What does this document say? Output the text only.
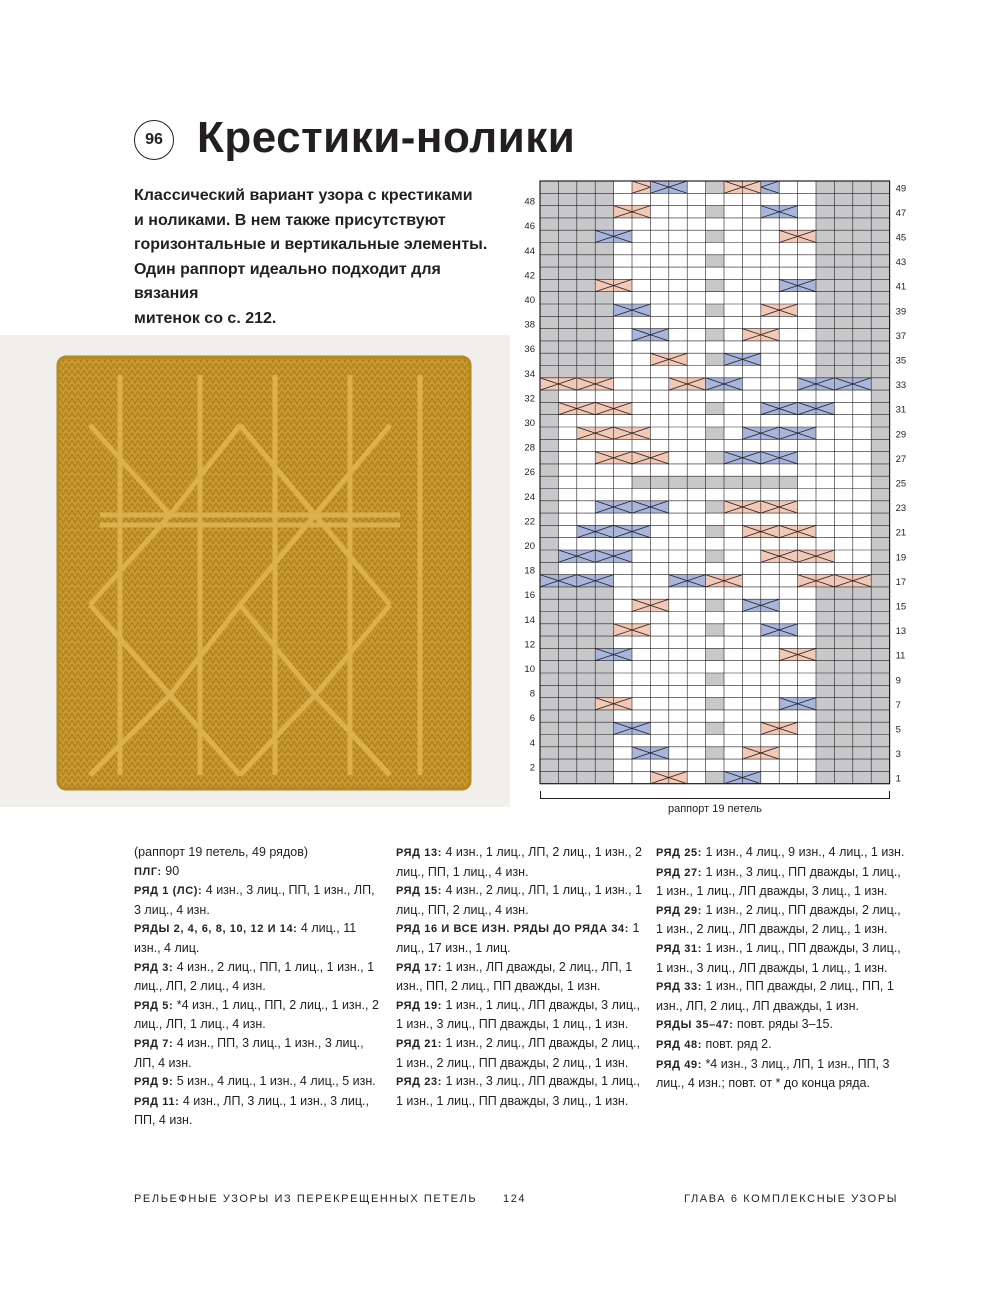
96 Крестики-нолики

Классический вариант узора с крестиками
и ноликами. В нем также присутствуют
горизонтальные и вертикальные элементы.
Один раппорт идеально подходит для вязания
митенок со с. 212.

48
46
44
42
40
38
36
34
32
30
28
26
24
22
20
18
16
14
12
10
8
6
4
2
49
47
45
43
41
39
37
35
33
31
29
27
25
23
21
19
17
15
13
11
9
7
5
3
1
раппорт 19 петель

(раппорт 19 петель, 49 рядов)

ПЛГ: 90

РЯД 1 (ЛС): 4 изн., 3 лиц., ПП, 1 изн., ЛП, 3 лиц., 4 изн.

РЯДЫ 2, 4, 6, 8, 10, 12 И 14: 4 лиц., 11 изн., 4 лиц.

РЯД 3: 4 изн., 2 лиц., ПП, 1 лиц., 1 изн., 1 лиц., ЛП, 2 лиц., 4 изн.

РЯД 5: *4 изн., 1 лиц., ПП, 2 лиц., 1 изн., 2 лиц., ЛП, 1 лиц., 4 изн.

РЯД 7: 4 изн., ПП, 3 лиц., 1 изн., 3 лиц., ЛП, 4 изн.

РЯД 9: 5 изн., 4 лиц., 1 изн., 4 лиц., 5 изн.

РЯД 11: 4 изн., ЛП, 3 лиц., 1 изн., 3 лиц., ПП, 4 изн.

РЯД 13: 4 изн., 1 лиц., ЛП, 2 лиц., 1 изн., 2 лиц., ПП, 1 лиц., 4 изн.

РЯД 15: 4 изн., 2 лиц., ЛП, 1 лиц., 1 изн., 1 лиц., ПП, 2 лиц., 4 изн.

РЯД 16 И ВСЕ ИЗН. РЯДЫ ДО РЯДА 34: 1 лиц., 17 изн., 1 лиц.

РЯД 17: 1 изн., ЛП дважды, 2 лиц., ЛП, 1 изн., ПП, 2 лиц., ПП дважды, 1 изн.

РЯД 19: 1 изн., 1 лиц., ЛП дважды, 3 лиц., 1 изн., 3 лиц., ПП дважды, 1 лиц., 1 изн.

РЯД 21: 1 изн., 2 лиц., ЛП дважды, 2 лиц., 1 изн., 2 лиц., ПП дважды, 2 лиц., 1 изн.

РЯД 23: 1 изн., 3 лиц., ЛП дважды, 1 лиц., 1 изн., 1 лиц., ПП дважды, 3 лиц., 1 изн.

РЯД 25: 1 изн., 4 лиц., 9 изн., 4 лиц., 1 изн.

РЯД 27: 1 изн., 3 лиц., ПП дважды, 1 лиц., 1 изн., 1 лиц., ЛП дважды, 3 лиц., 1 изн.

РЯД 29: 1 изн., 2 лиц., ПП дважды, 2 лиц., 1 изн., 2 лиц., ЛП дважды, 2 лиц., 1 изн.

РЯД 31: 1 изн., 1 лиц., ПП дважды, 3 лиц., 1 изн., 3 лиц., ЛП дважды, 1 лиц., 1 изн.

РЯД 33: 1 изн., ПП дважды, 2 лиц., ПП, 1 изн., ЛП, 2 лиц., ЛП дважды, 1 изн.

РЯДЫ 35–47: повт. ряды 3–15.

РЯД 48: повт. ряд 2.

РЯД 49: *4 изн., 3 лиц., ЛП, 1 изн., ПП, 3 лиц., 4 изн.; повт. от * до конца ряда.

РЕЛЬЕФНЫЕ УЗОРЫ ИЗ ПЕРЕКРЕЩЕННЫХ ПЕТЕЛЬ 124	ГЛАВА 6 КОМПЛЕКСНЫЕ УЗОРЫ
